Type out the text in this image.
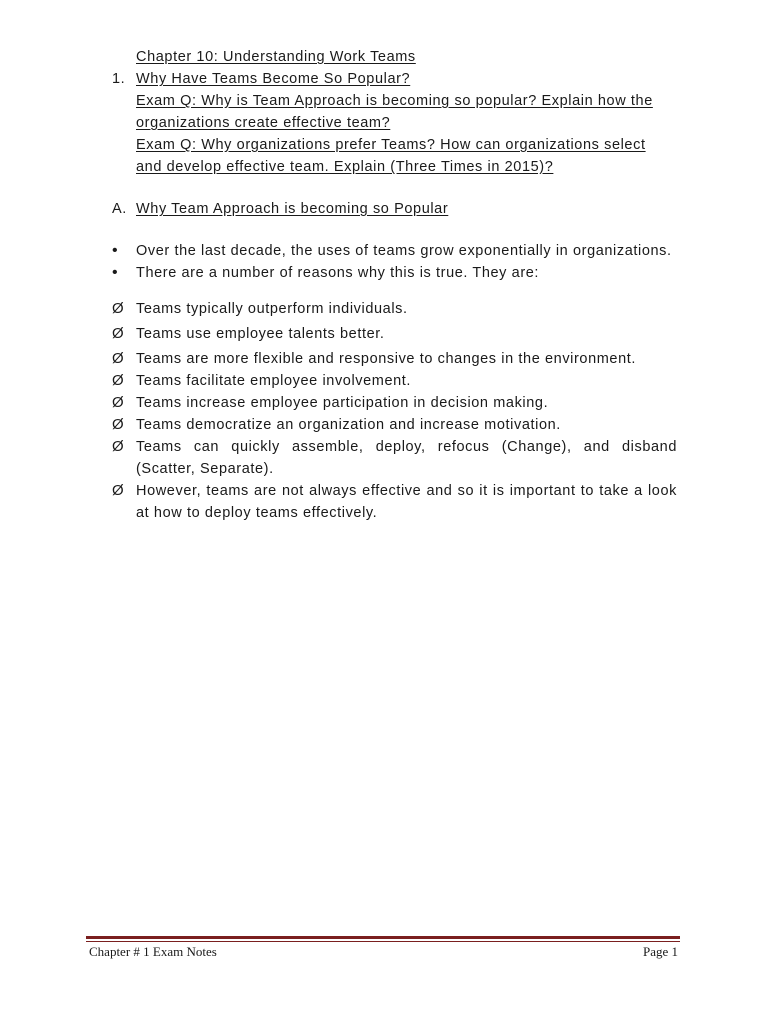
Chapter 10: Understanding Work Teams
1. Why Have Teams Become So Popular?
Exam Q: Why is Team Approach is becoming so popular? Explain how the
organizations create effective team?
Exam Q: Why organizations prefer Teams? How can organizations select
and develop effective team. Explain (Three Times in 2015)?
A. Why Team Approach is becoming so Popular
•	Over the last decade, the uses of teams grow exponentially in organizations.
•	There are a number of reasons why this is true. They are:
Ø Teams typically outperform individuals.
Ø Teams use employee talents better.
Ø Teams are more flexible and responsive to changes in the environment.
Ø Teams facilitate employee involvement.
Ø Teams increase employee participation in decision making.
Ø Teams democratize an organization and increase motivation.
Ø Teams can quickly assemble, deploy, refocus (Change), and disband (Scatter, Separate).
Ø However, teams are not always effective and so it is important to take a look at how to deploy teams effectively.
Chapter # 1 Exam Notes	Page 1
